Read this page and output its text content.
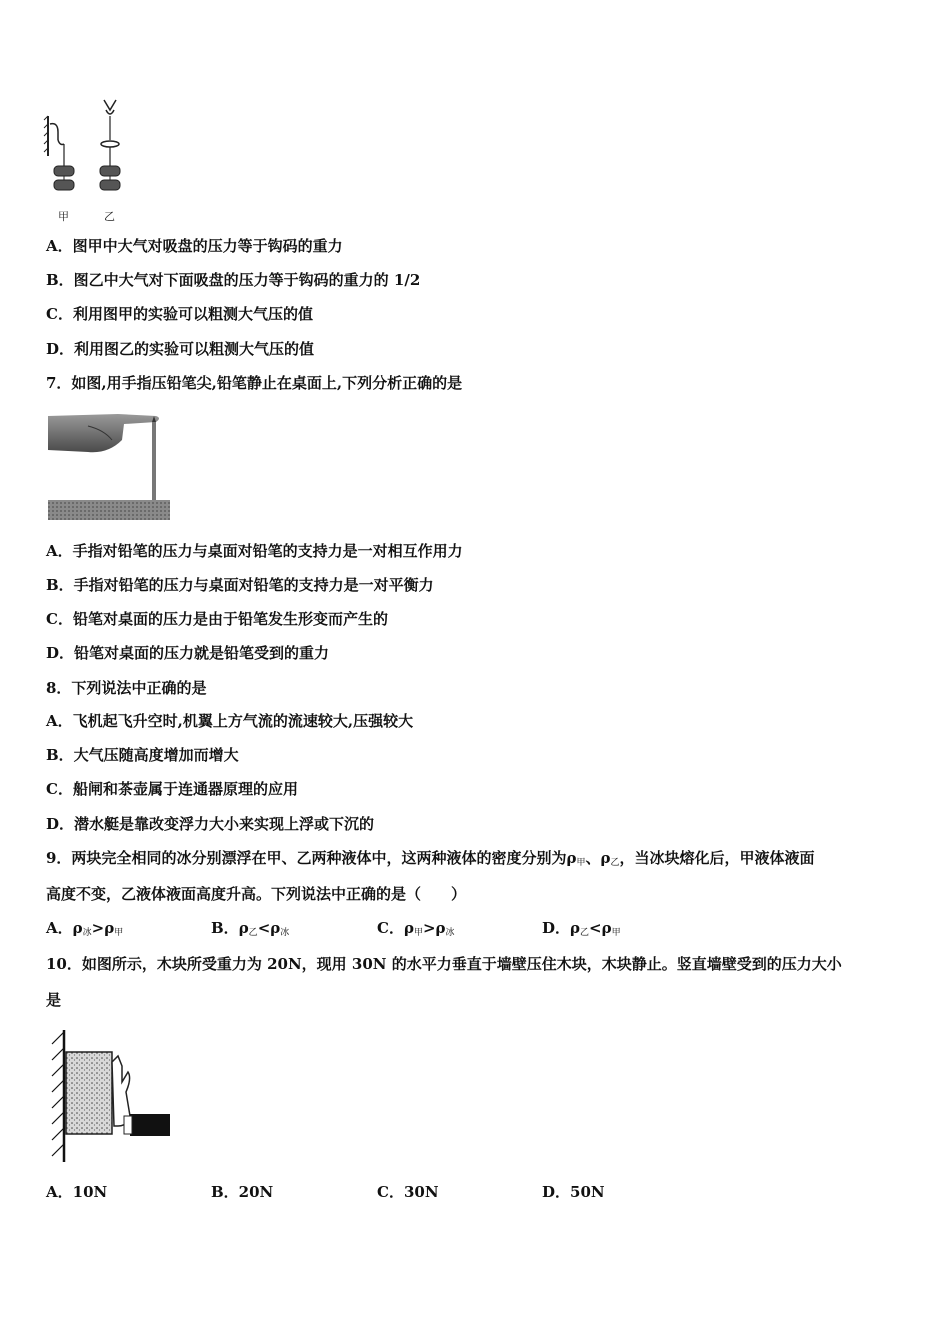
甲	乙
A．图甲中大气对吸盘的压力等于钩码的重力
B．图乙中大气对下面吸盘的压力等于钩码的重力的 1/2
C．利用图甲的实验可以粗测大气压的值
D．利用图乙的实验可以粗测大气压的值
7．如图,用手指压铅笔尖,铅笔静止在桌面上,下列分析正确的是
A．手指对铅笔的压力与桌面对铅笔的支持力是一对相互作用力
B．手指对铅笔的压力与桌面对铅笔的支持力是一对平衡力
C．铅笔对桌面的压力是由于铅笔发生形变而产生的
D．铅笔对桌面的压力就是铅笔受到的重力
8．下列说法中正确的是
A．飞机起飞升空时,机翼上方气流的流速较大,压强较大
B．大气压随高度增加而增大
C．船闸和茶壶属于连通器原理的应用
D．潜水艇是靠改变浮力大小来实现上浮或下沉的
9．两块完全相同的冰分别漂浮在甲、乙两种液体中，这两种液体的密度分别为$\rho_甲$、$\rho_乙$，当冰块熔化后，甲液体液面
高度不变，乙液体液面高度升高。下列说法中正确的是（　　）
A．$\rho_冰>\rho_甲$	B．$\rho_乙<\rho_冰$	C．$\rho_甲>\rho_冰$	D．$\rho_乙<\rho_甲$
10．如图所示，木块所受重力为 20N，现用 30N 的水平力垂直于墙壁压住木块，木块静止。竖直墙壁受到的压力大小
是
A．10N	B．20N	C．30N	D．50N
